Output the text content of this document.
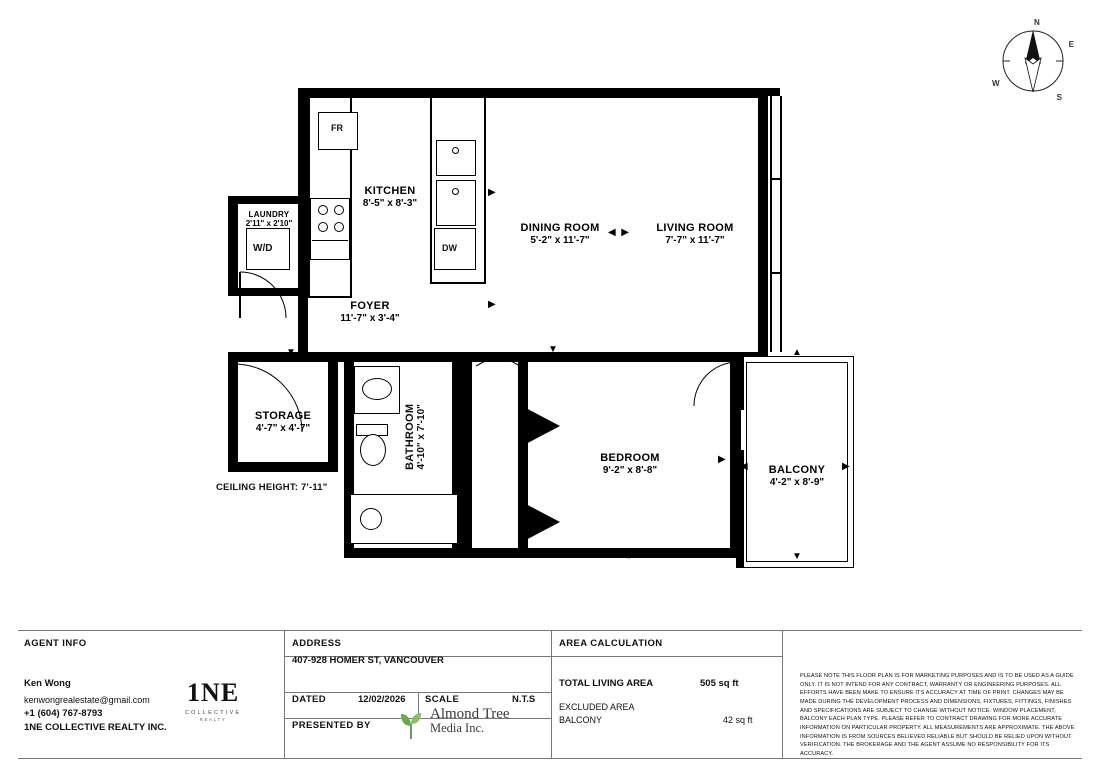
N
E
S
W
FR
DW
W/D
▶
▶
◀  ▶
▼
▶
◀	▶
▲
▼
▼
▼
KITCHEN
8'-5" x 8'-3"
DINING ROOM
5'-2" x 11'-7"
LIVING ROOM
7'-7" x 11'-7"
LAUNDRY
2'11" x 2'10"
FOYER
11'-7" x 3'-4"
STORAGE
4'-7" x 4'-7"	BATHROOM 4'-10" x 7'-10"	BEDROOM
9'-2" x 8'-8"	BALCONY
4'-2" x 8'-9"
CEILING HEIGHT: 7'-11"
AGENT INFO
Ken Wong
kenwongrealestate@gmail.com
+1 (604) 767-8793
1NE COLLECTIVE REALTY INC.
1NE
COLLECTIVE
REALTY
ADDRESS
407-928 HOMER ST, VANCOUVER
DATED	12/02/2026 SCALE	N.T.S
PRESENTED BY
Almond Tree
Media Inc.
AREA CALCULATION
TOTAL LIVING AREA	505 sq ft
EXCLUDED AREA
BALCONY	42 sq ft
PLEASE NOTE THIS FLOOR PLAN IS FOR MARKETING PURPOSES AND IS TO BE USED AS A GUIDE ONLY. IT IS NOT INTEND FOR ANY CONTRACT, WARRANTY OR ENGINEERING PURPOSES. ALL EFFORTS HAVE BEEN MAKE TO ENSURE ITS ACCURACY AT TIME OF PRINT. CHANGES MAY BE MADE DURING THE DEVELOPMENT PROCESS AND DIMENSIONS, FIXTURES, FITTINGS, FINISHES AND SPECIFICATIONS ARE SUBJECT TO CHANGE WITHOUT NOTICE. WINDOW PLACEMENT, BALCONY EACH PLAN TYPE. PLEASE REFER TO CONTRACT DRAWING FOR MORE ACCURATE INFORMATION ON PARTICULAR PROPERTY. ALL MEASUREMENTS ARE APPROXIMATE. THE ABOVE INFORMATION IS FROM SOURCES BELIEVED RELIABLE BUT SHOULD BE RELIED UPON WITHOUT VERIFICATION. THE BROKERAGE AND THE AGENT ASSUME NO RESPONSIBILITY FOR ITS ACCURACY.
